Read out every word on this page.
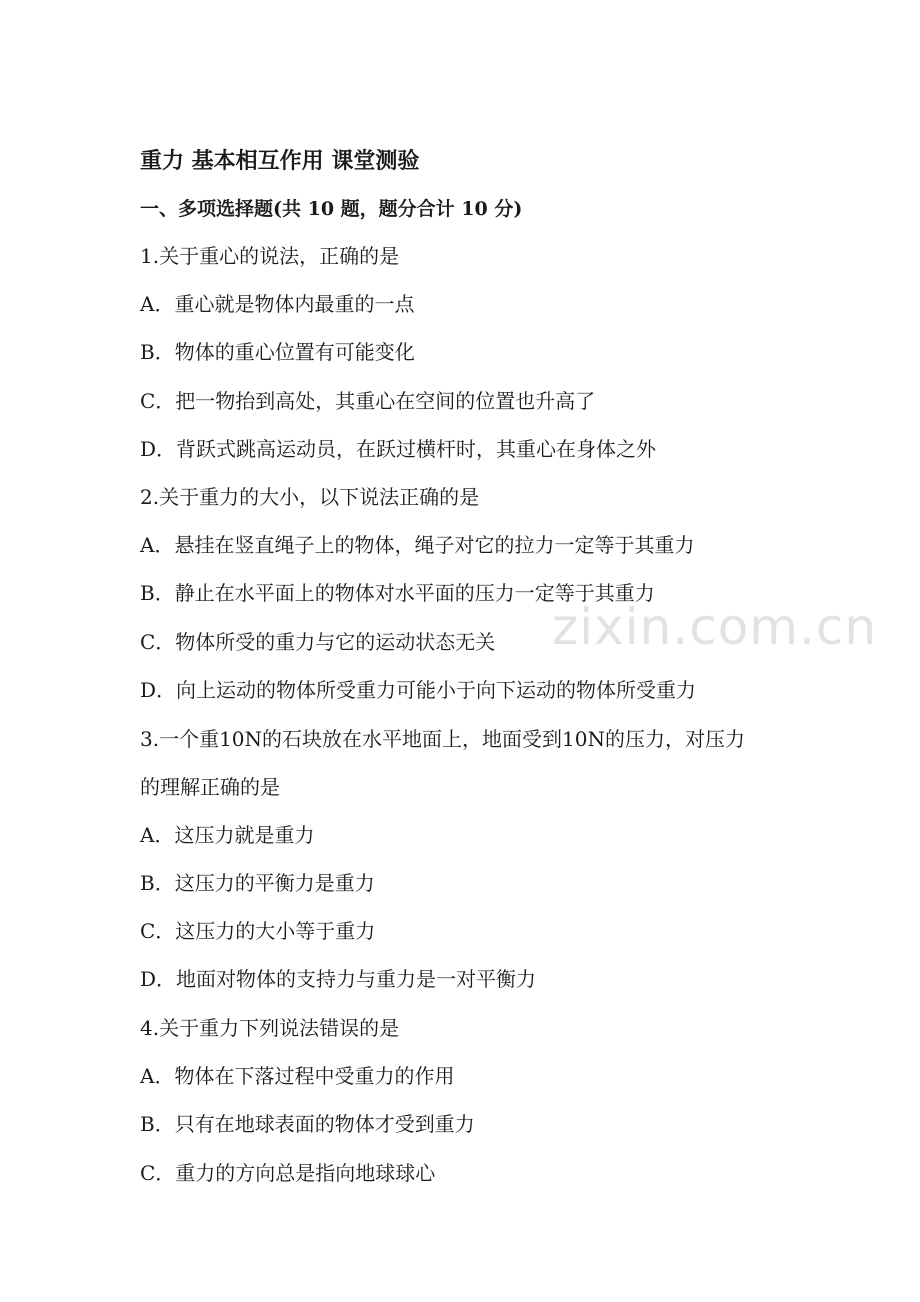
重力 基本相互作用 课堂测验
一、多项选择题(共 10 题，题分合计 10 分)
1.关于重心的说法，正确的是
A．重心就是物体内最重的一点
B．物体的重心位置有可能变化
C．把一物抬到高处，其重心在空间的位置也升高了
D．背跃式跳高运动员，在跃过横杆时，其重心在身体之外
2.关于重力的大小，以下说法正确的是
A．悬挂在竖直绳子上的物体，绳子对它的拉力一定等于其重力
B．静止在水平面上的物体对水平面的压力一定等于其重力
C．物体所受的重力与它的运动状态无关
D．向上运动的物体所受重力可能小于向下运动的物体所受重力
3.一个重10N的石块放在水平地面上，地面受到10N的压力，对压力
的理解正确的是
A．这压力就是重力
B．这压力的平衡力是重力
C．这压力的大小等于重力
D．地面对物体的支持力与重力是一对平衡力
4.关于重力下列说法错误的是
A．物体在下落过程中受重力的作用
B．只有在地球表面的物体才受到重力
C．重力的方向总是指向地球球心
zixin.com.cn
